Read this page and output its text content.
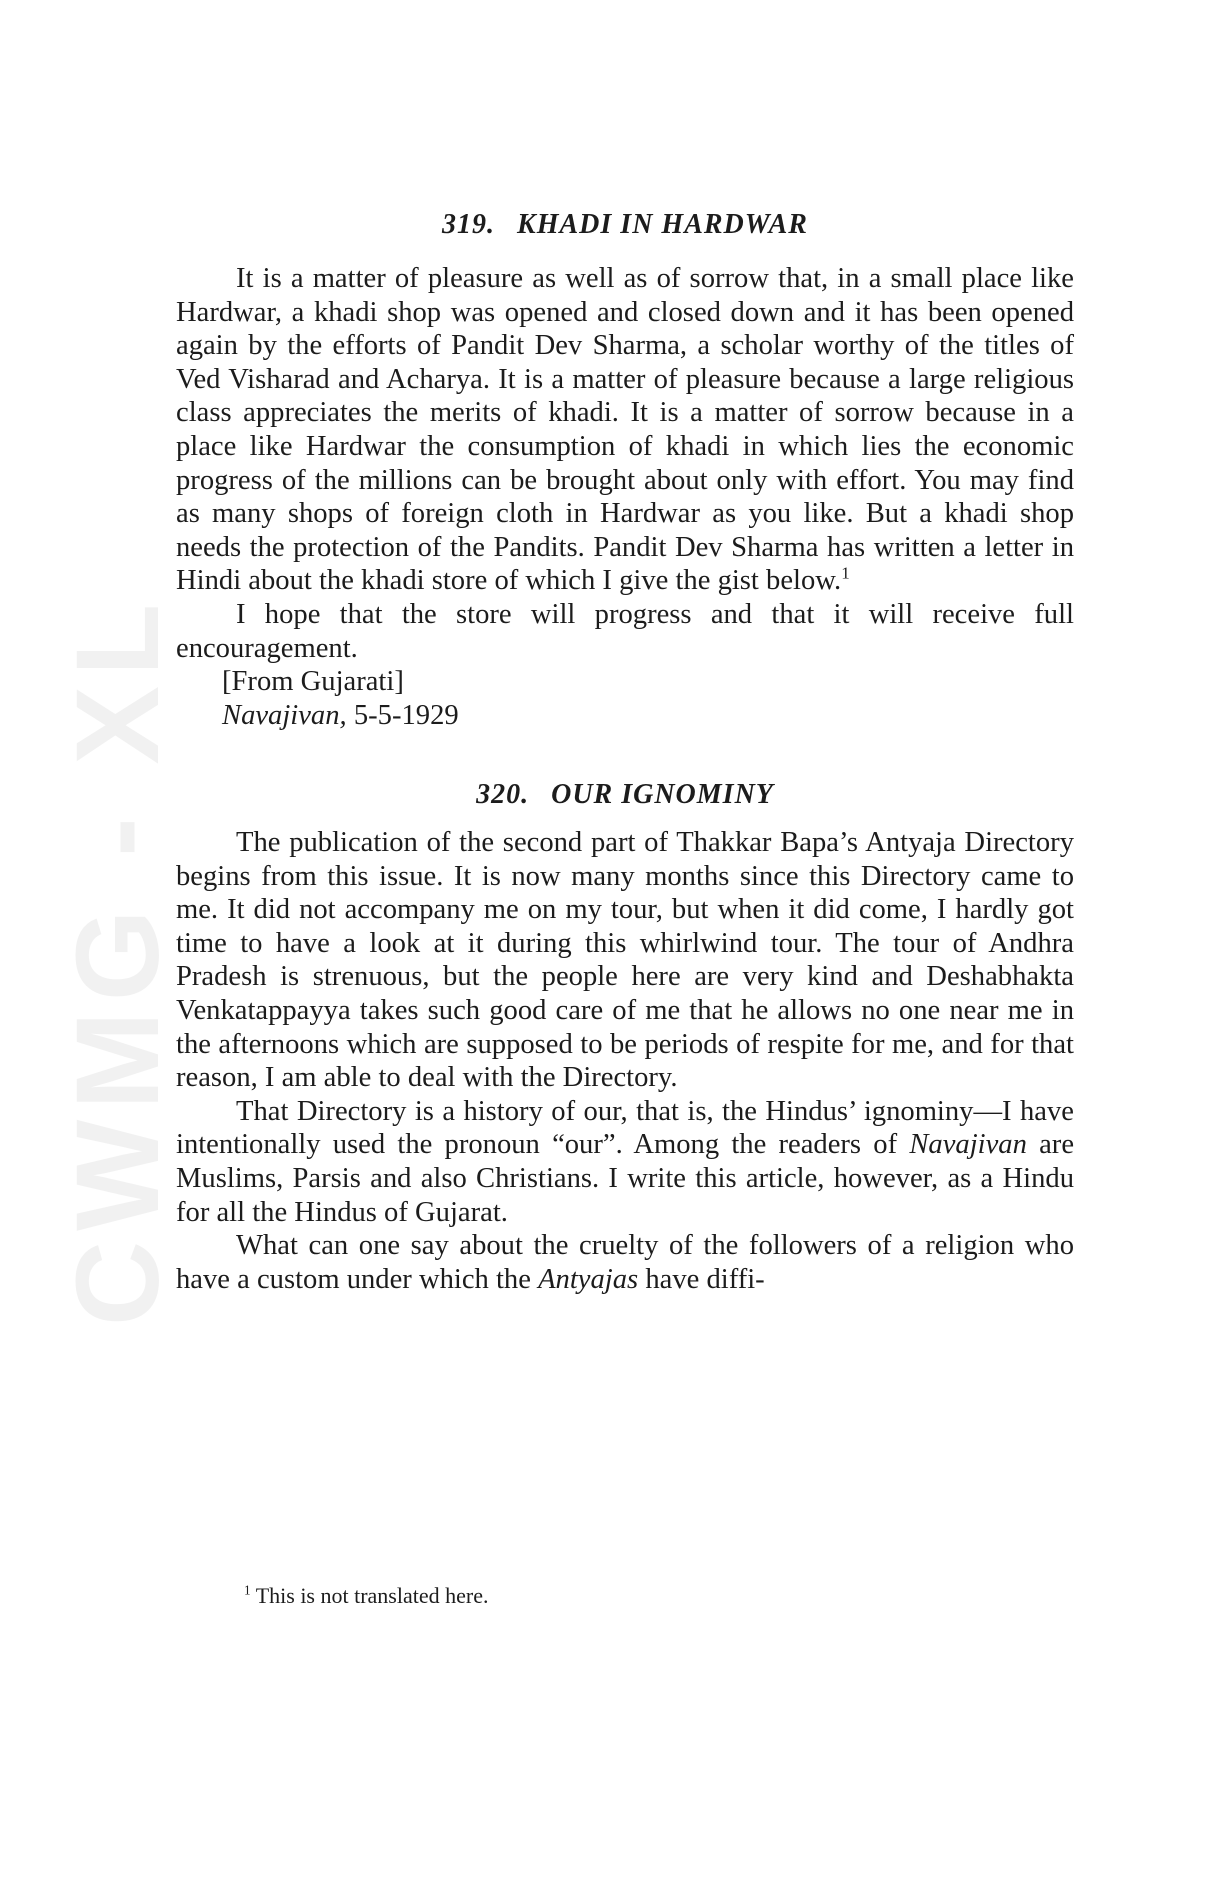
CWMG - XL
319. KHADI IN HARDWAR

It is a matter of pleasure as well as of sorrow that, in a small place like Hardwar, a khadi shop was opened and closed down and it has been opened again by the efforts of Pandit Dev Sharma, a scholar worthy of the titles of Ved Visharad and Acharya. It is a matter of pleasure because a large religious class appreciates the merits of khadi. It is a matter of sorrow because in a place like Hardwar the consumption of khadi in which lies the economic progress of the millions can be brought about only with effort. You may find as many shops of foreign cloth in Hardwar as you like. But a khadi shop needs the protection of the Pandits. Pandit Dev Sharma has written a letter in Hindi about the khadi store of which I give the gist below.$^1$

I hope that the store will progress and that it will receive full encouragement.

[From Gujarati]

Navajivan, 5-5-1929

320. OUR IGNOMINY

The publication of the second part of Thakkar Bapa’s Antyaja Directory begins from this issue. It is now many months since this Directory came to me. It did not accompany me on my tour, but when it did come, I hardly got time to have a look at it during this whirlwind tour. The tour of Andhra Pradesh is strenuous, but the people here are very kind and Deshabhakta Venkatappayya takes such good care of me that he allows no one near me in the afternoons which are supposed to be periods of respite for me, and for that reason, I am able to deal with the Directory.

That Directory is a history of our, that is, the Hindus’ ignominy—I have intentionally used the pronoun “our”. Among the readers of Navajivan are Muslims, Parsis and also Christians. I write this article, however, as a Hindu for all the Hindus of Gujarat.

What can one say about the cruelty of the followers of a religion who have a custom under which the Antyajas have diffi-

$^1$ This is not translated here.
